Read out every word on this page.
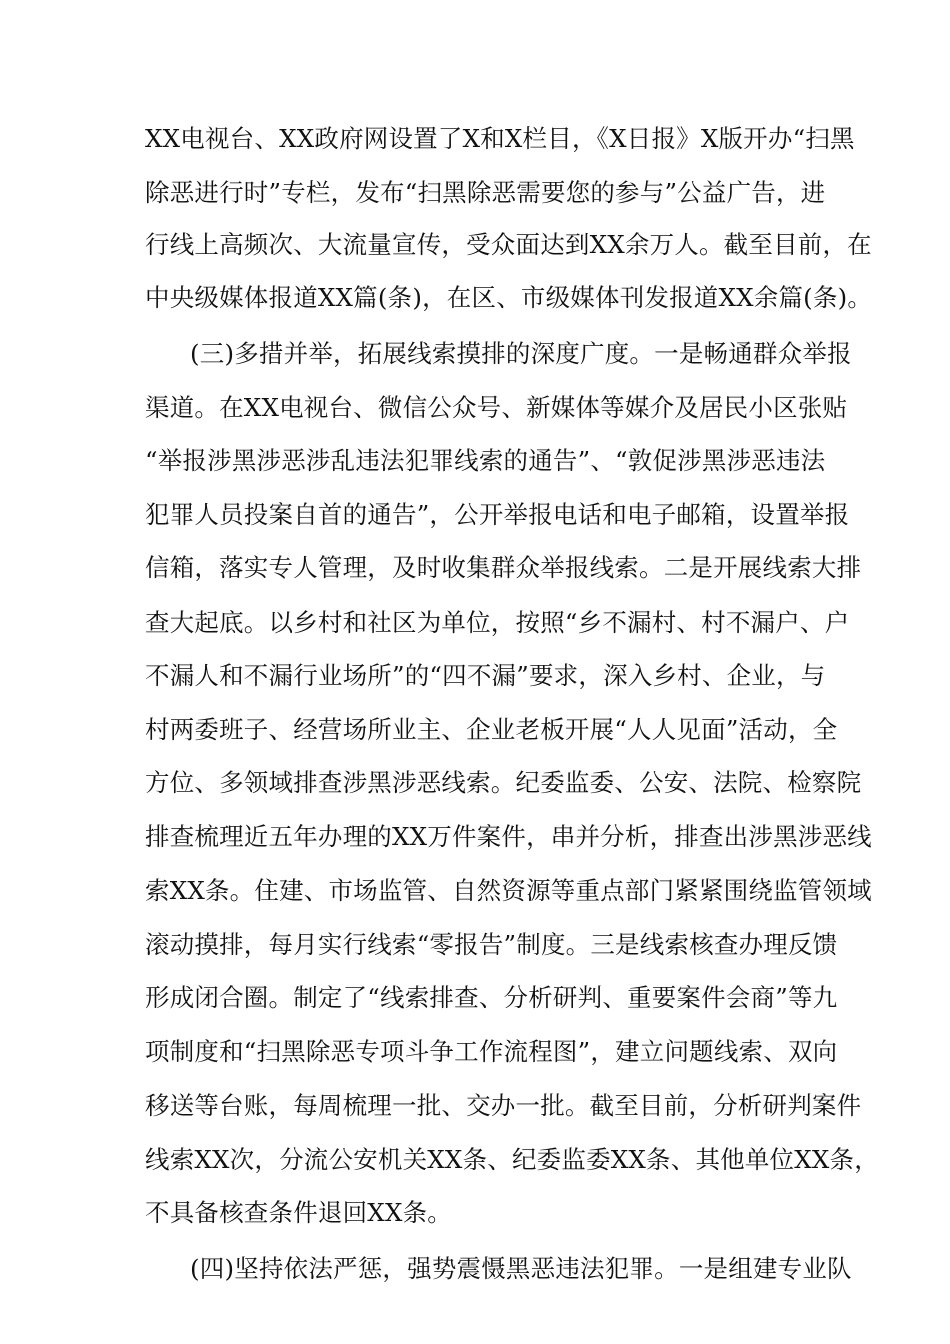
XX电视台、XX政府网设置了X和X栏目，《X日报》X版开办“扫黑
除恶进行时”专栏，发布“扫黑除恶需要您的参与”公益广告，进
行线上高频次、大流量宣传，受众面达到XX余万人。截至目前，在
中央级媒体报道XX篇(条)，在区、市级媒体刊发报道XX余篇(条)。
(三)多措并举，拓展线索摸排的深度广度。一是畅通群众举报
渠道。在XX电视台、微信公众号、新媒体等媒介及居民小区张贴
“举报涉黑涉恶涉乱违法犯罪线索的通告”、“敦促涉黑涉恶违法
犯罪人员投案自首的通告”，公开举报电话和电子邮箱，设置举报
信箱，落实专人管理，及时收集群众举报线索。二是开展线索大排
查大起底。以乡村和社区为单位，按照“乡不漏村、村不漏户、户
不漏人和不漏行业场所”的“四不漏”要求，深入乡村、企业，与
村两委班子、经营场所业主、企业老板开展“人人见面”活动，全
方位、多领域排查涉黑涉恶线索。纪委监委、公安、法院、检察院
排查梳理近五年办理的XX万件案件，串并分析，排查出涉黑涉恶线
索XX条。住建、市场监管、自然资源等重点部门紧紧围绕监管领域
滚动摸排，每月实行线索“零报告”制度。三是线索核查办理反馈
形成闭合圈。制定了“线索排查、分析研判、重要案件会商”等九
项制度和“扫黑除恶专项斗争工作流程图”，建立问题线索、双向
移送等台账，每周梳理一批、交办一批。截至目前，分析研判案件
线索XX次，分流公安机关XX条、纪委监委XX条、其他单位XX条，
不具备核查条件退回XX条。
(四)坚持依法严惩，强势震慑黑恶违法犯罪。一是组建专业队
